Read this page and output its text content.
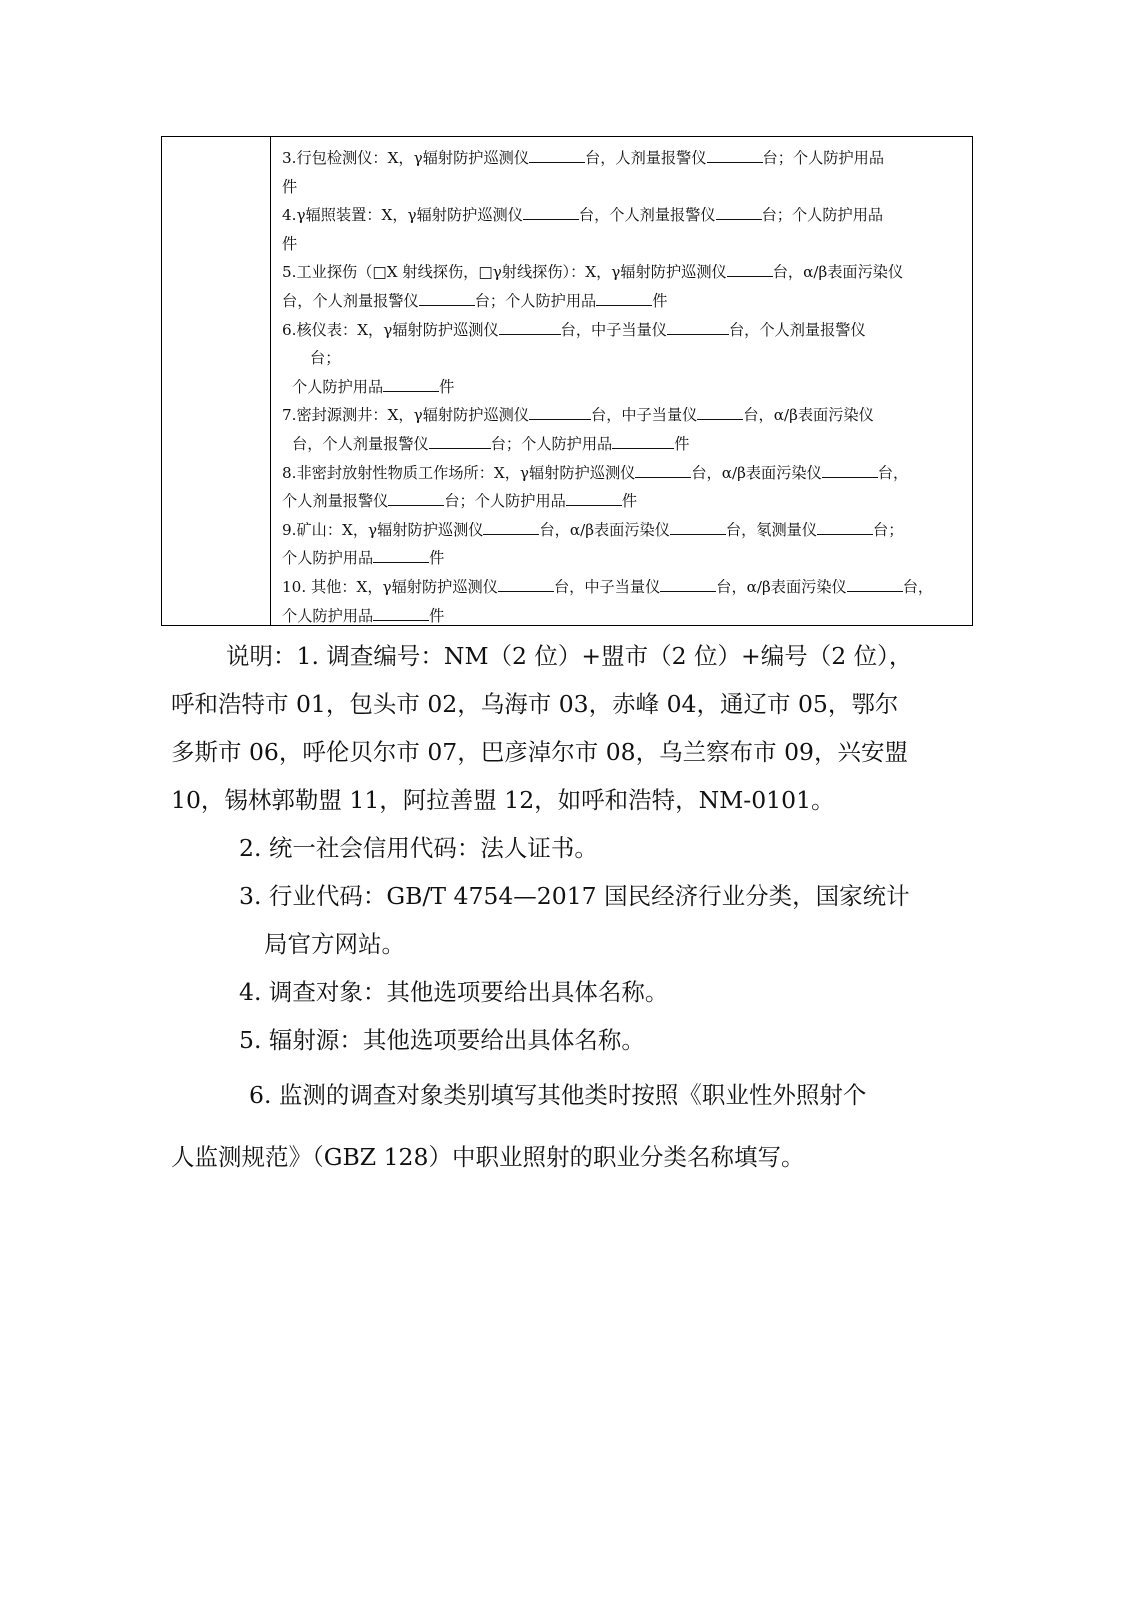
3.行包检测仪：X，γ辐射防护巡测仪	台，人剂量报警仪	台；个人防护用品
件
4.γ辐照装置：X，γ辐射防护巡测仪	台，个人剂量报警仪	台；个人防护用品
件
5.工业探伤（□X 射线探伤，□γ射线探伤）：X，γ辐射防护巡测仪	台，α/β表面污染仪
台，个人剂量报警仪	台；个人防护用品	件
6.核仪表：X，γ辐射防护巡测仪	台，中子当量仪	台，个人剂量报警仪
台；
个人防护用品	件
7.密封源测井：X，γ辐射防护巡测仪	台，中子当量仪	台，α/β表面污染仪
台，个人剂量报警仪	台；个人防护用品	件
8.非密封放射性物质工作场所：X，γ辐射防护巡测仪	台，α/β表面污染仪	台，
个人剂量报警仪	台；个人防护用品	件
9.矿山：X，γ辐射防护巡测仪	台，α/β表面污染仪	台，氡测量仪	台；
个人防护用品	件
10. 其他：X，γ辐射防护巡测仪	台，中子当量仪	台，α/β表面污染仪	台，
个人防护用品	件
说明：1. 调查编号：NM（2 位）+盟市（2 位）+编号（2 位），
呼和浩特市 01，包头市 02，乌海市 03，赤峰 04，通辽市 05，鄂尔
多斯市 06，呼伦贝尔市 07，巴彦淖尔市 08，乌兰察布市 09，兴安盟
10，锡林郭勒盟 11，阿拉善盟 12，如呼和浩特，NM-0101。
2. 统一社会信用代码：法人证书。
3. 行业代码：GB/T 4754—2017 国民经济行业分类，国家统计
局官方网站。
4. 调查对象：其他选项要给出具体名称。
5. 辐射源：其他选项要给出具体名称。
6. 监测的调查对象类别填写其他类时按照《职业性外照射个
人监测规范》（GBZ 128）中职业照射的职业分类名称填写。
